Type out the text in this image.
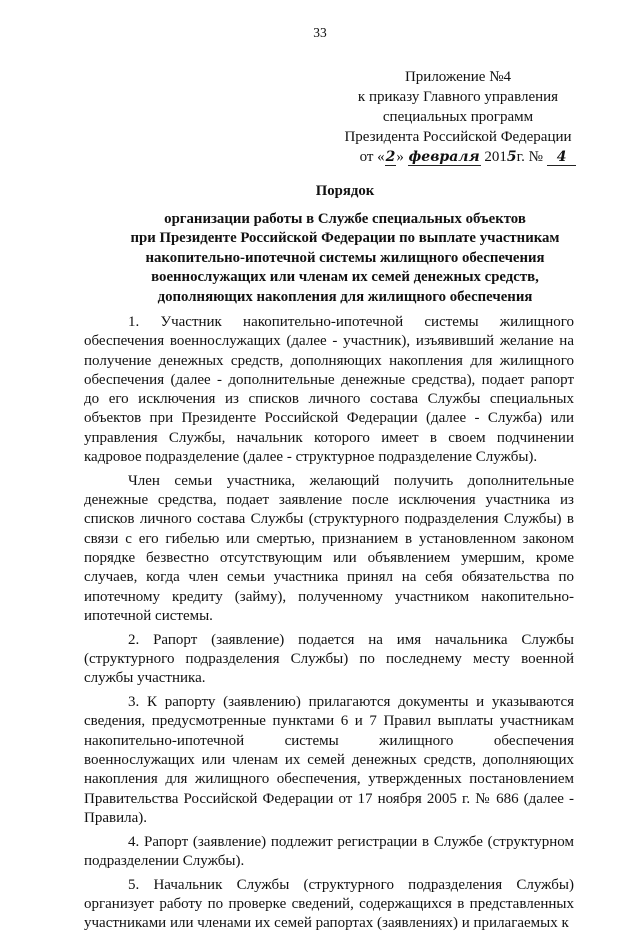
33
Приложение №4
к приказу Главного управления
специальных программ
Президента Российской Федерации
от «2» февраля 2015г. № 4
Порядок
организации работы в Службе специальных объектов
при Президенте Российской Федерации по выплате участникам
накопительно-ипотечной системы жилищного обеспечения
военнослужащих или членам их семей денежных средств,
дополняющих накопления для жилищного обеспечения

1. Участник накопительно-ипотечной системы жилищного обеспечения военнослужащих (далее - участник), изъявивший желание на получение денежных средств, дополняющих накопления для жилищного обеспечения (далее - дополнительные денежные средства), подает рапорт до его исключения из списков личного состава Службы специальных объектов при Президенте Российской Федерации (далее - Служба) или управления Службы, начальник которого имеет в своем подчинении кадровое подразделение (далее - структурное подразделение Службы).

Член семьи участника, желающий получить дополнительные денежные средства, подает заявление после исключения участника из списков личного состава Службы (структурного подразделения Службы) в связи с его гибелью или смертью, признанием в установленном законом порядке безвестно отсутствующим или объявлением умершим, кроме случаев, когда член семьи участника принял на себя обязательства по ипотечному кредиту (займу), полученному участником накопительно-ипотечной системы.

2. Рапорт (заявление) подается на имя начальника Службы (структурного подразделения Службы) по последнему месту военной службы участника.

3. К рапорту (заявлению) прилагаются документы и указываются сведения, предусмотренные пунктами 6 и 7 Правил выплаты участникам накопительно-ипотечной системы жилищного обеспечения военнослужащих или членам их семей денежных средств, дополняющих накопления для жилищного обеспечения, утвержденных постановлением Правительства Российской Федерации от 17 ноября 2005 г. № 686 (далее - Правила).

4. Рапорт (заявление) подлежит регистрации в Службе (структурном подразделении Службы).

5. Начальник Службы (структурного подразделения Службы) организует работу по проверке сведений, содержащихся в представленных участниками или членами их семей рапортах (заявлениях) и прилагаемых к
